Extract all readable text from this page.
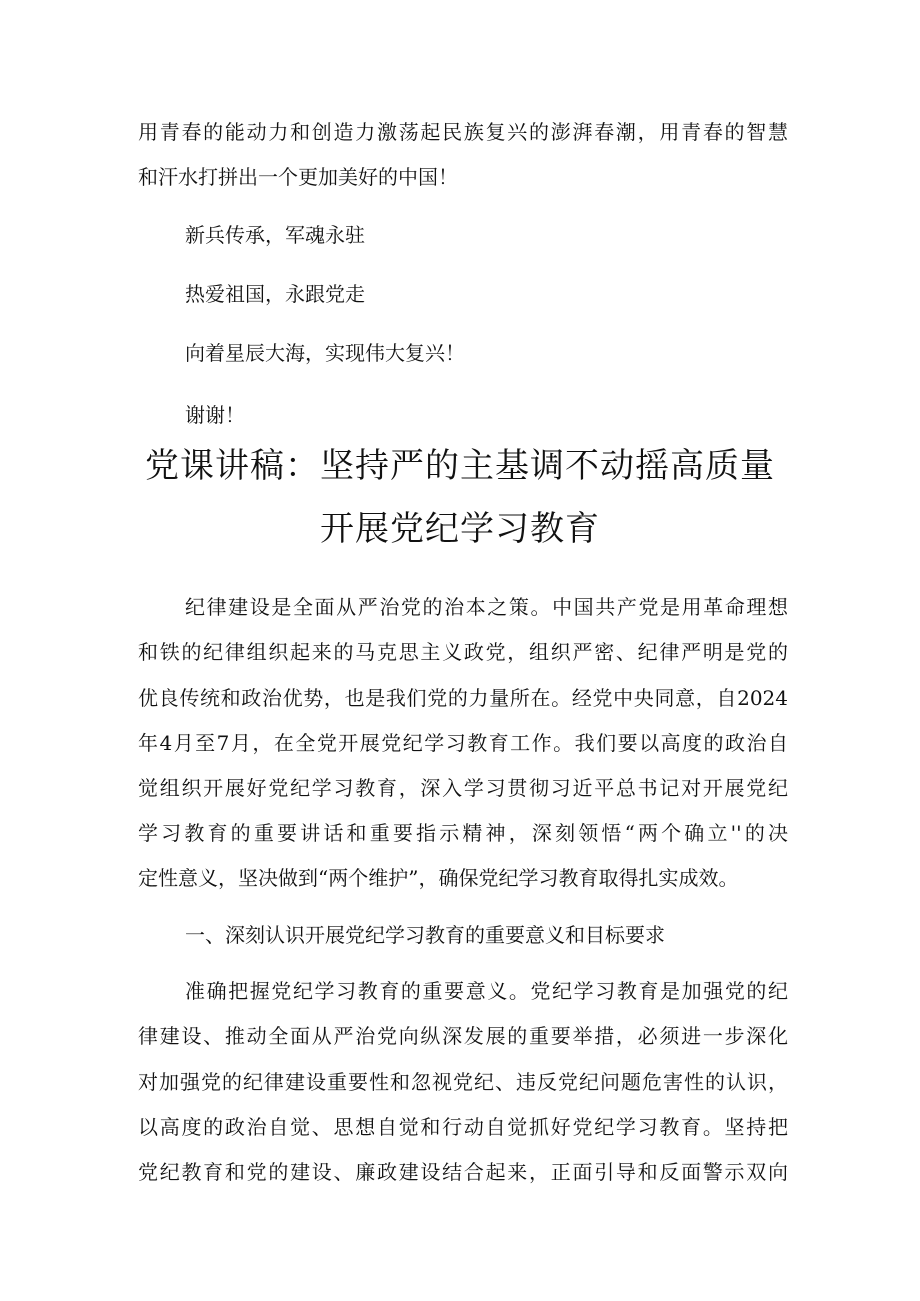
用青春的能动力和创造力激荡起民族复兴的澎湃春潮，用青春的智慧
和汗水打拼出一个更加美好的中国！
新兵传承，军魂永驻
热爱祖国，永跟党走
向着星辰大海，实现伟大复兴！
谢谢！
党课讲稿：坚持严的主基调不动摇高质量
开展党纪学习教育
纪律建设是全面从严治党的治本之策。中国共产党是用革命理想
和铁的纪律组织起来的马克思主义政党，组织严密、纪律严明是党的
优良传统和政治优势，也是我们党的力量所在。经党中央同意，自2024
年4月至7月，在全党开展党纪学习教育工作。我们要以高度的政治自
觉组织开展好党纪学习教育，深入学习贯彻习近平总书记对开展党纪
学习教育的重要讲话和重要指示精神，深刻领悟“两个确立''的决
定性意义，坚决做到“两个维护”，确保党纪学习教育取得扎实成效。
一、深刻认识开展党纪学习教育的重要意义和目标要求
准确把握党纪学习教育的重要意义。党纪学习教育是加强党的纪
律建设、推动全面从严治党向纵深发展的重要举措，必须进一步深化
对加强党的纪律建设重要性和忽视党纪、违反党纪问题危害性的认识，
以高度的政治自觉、思想自觉和行动自觉抓好党纪学习教育。坚持把
党纪教育和党的建设、廉政建设结合起来，正面引导和反面警示双向
